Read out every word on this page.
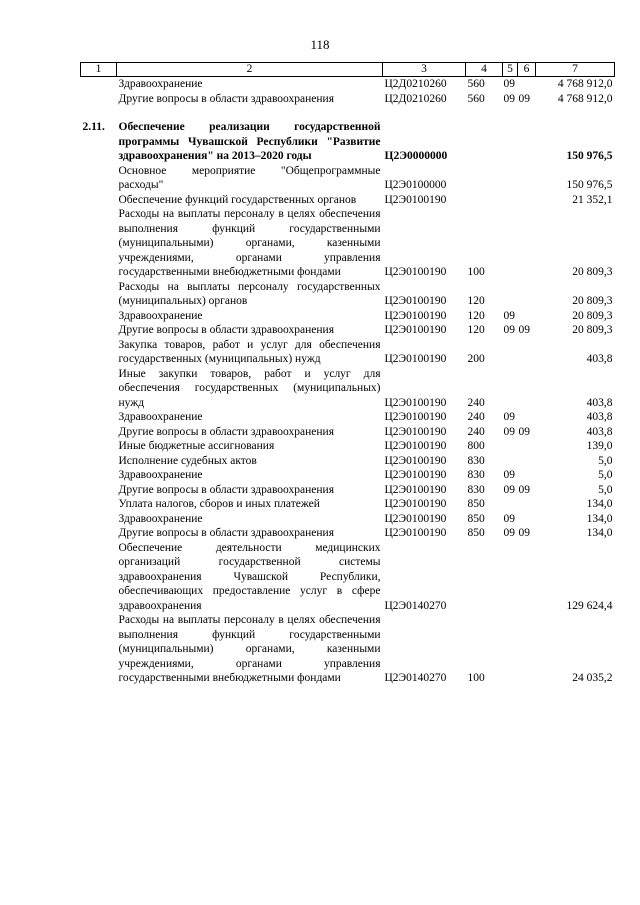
118
1	2	3	4	5	6	7
	Здравоохранение	Ц2Д0210260	560	09		4 768 912,0
	Другие вопросы в области здравоохранения	Ц2Д0210260	560	09	09	4 768 912,0

2.11.	Обеспечение реализации государственной программы Чувашской Республики "Развитие здравоохранения" на 2013–2020 годы	Ц2Э0000000				150 976,5
	Основное мероприятие "Общепрограммные расходы"	Ц2Э0100000				150 976,5
	Обеспечение функций государственных органов	Ц2Э0100190				21 352,1
	Расходы на выплаты персоналу в целях обеспечения выполнения функций государственными (муниципальными) органами, казенными учреждениями, органами управления государственными внебюджетными фондами	Ц2Э0100190	100			20 809,3
	Расходы на выплаты персоналу государственных (муниципальных) органов	Ц2Э0100190	120			20 809,3
	Здравоохранение	Ц2Э0100190	120	09		20 809,3
	Другие вопросы в области здравоохранения	Ц2Э0100190	120	09	09	20 809,3
	Закупка товаров, работ и услуг для обеспечения государственных (муниципальных) нужд	Ц2Э0100190	200			403,8
	Иные закупки товаров, работ и услуг для обеспечения государственных (муниципальных) нужд	Ц2Э0100190	240			403,8
	Здравоохранение	Ц2Э0100190	240	09		403,8
	Другие вопросы в области здравоохранения	Ц2Э0100190	240	09	09	403,8
	Иные бюджетные ассигнования	Ц2Э0100190	800			139,0
	Исполнение судебных актов	Ц2Э0100190	830			5,0
	Здравоохранение	Ц2Э0100190	830	09		5,0
	Другие вопросы в области здравоохранения	Ц2Э0100190	830	09	09	5,0
	Уплата налогов, сборов и иных платежей	Ц2Э0100190	850			134,0
	Здравоохранение	Ц2Э0100190	850	09		134,0
	Другие вопросы в области здравоохранения	Ц2Э0100190	850	09	09	134,0
	Обеспечение деятельности медицинских организаций государственной системы здравоохранения Чувашской Республики, обеспечивающих предоставление услуг в сфере здравоохранения	Ц2Э0140270				129 624,4
	Расходы на выплаты персоналу в целях обеспечения выполнения функций государственными (муниципальными) органами, казенными учреждениями, органами управления государственными внебюджетными фондами	Ц2Э0140270	100			24 035,2
